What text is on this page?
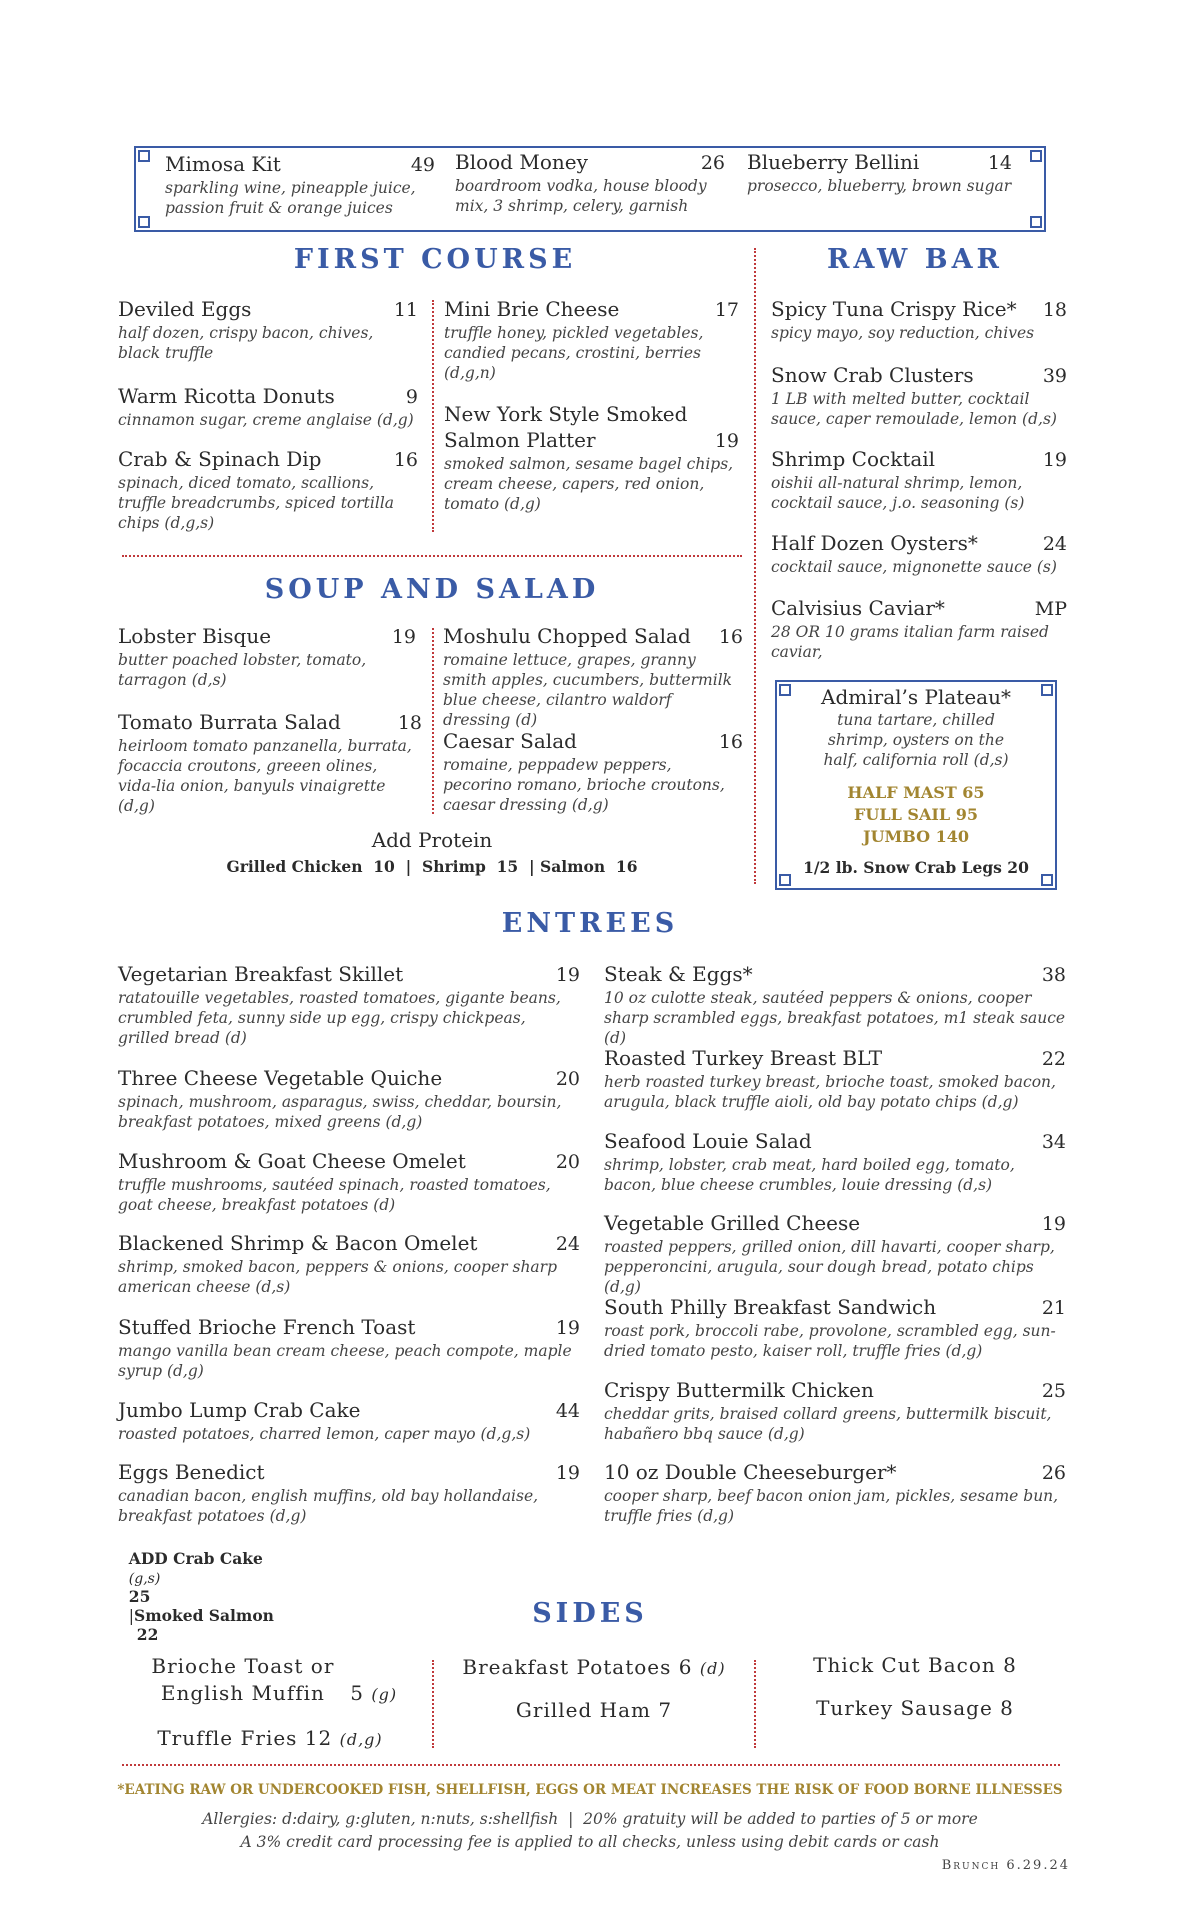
Mimosa Kit	49
sparkling wine, pineapple juice, passion fruit & orange juices
Blood Money	26
boardroom vodka, house bloody mix, 3 shrimp, celery, garnish
Blueberry Bellini	14
prosecco, blueberry, brown sugar
FIRST COURSE
Deviled Eggs	11
half dozen, crispy bacon, chives, black truffle
Warm Ricotta Donuts	9
cinnamon sugar, creme anglaise (d,g)
Crab & Spinach Dip	16
spinach, diced tomato, scallions, truffle breadcrumbs, spiced tortilla chips (d,g,s)
Mini Brie Cheese	17
truffle honey, pickled vegetables, candied pecans, crostini, berries (d,g,n)
New York Style Smoked Salmon Platter	19
smoked salmon, sesame bagel chips, cream cheese, capers, red onion, tomato (d,g)
RAW BAR
Spicy Tuna Crispy Rice* 18
spicy mayo, soy reduction, chives
Snow Crab Clusters	39
1 LB with melted butter, cocktail sauce, caper remoulade, lemon (d,s)
Shrimp Cocktail	19
oishii all-natural shrimp, lemon, cocktail sauce, j.o. seasoning (s)
Half Dozen Oysters*	24
cocktail sauce, mignonette sauce (s)
Calvisius Caviar*	MP
28 OR 10 grams italian farm raised caviar,
Admiral’s Plateau*
tuna tartare, chilled shrimp, oysters on the half, california roll (d,s)
HALF MAST 65
FULL SAIL 95
JUMBO 140
1/2 lb. Snow Crab Legs 20
SOUP AND SALAD
Lobster Bisque	19
butter poached lobster, tomato, tarragon (d,s)
Tomato Burrata Salad	18
heirloom tomato panzanella, burrata, focaccia croutons, greeen olines, vida-lia onion, banyuls vinaigrette (d,g)
Moshulu Chopped Salad 16
romaine lettuce, grapes, granny smith apples, cucumbers, buttermilk blue cheese, cilantro waldorf dressing (d)
Caesar Salad	16
romaine, peppadew peppers, pecorino romano, brioche croutons, caesar dressing (d,g)
Add Protein
Grilled Chicken  10  |  Shrimp  15  | Salmon  16
ENTREES
Vegetarian Breakfast Skillet	19
ratatouille vegetables, roasted tomatoes, gigante beans, crumbled feta, sunny side up egg, crispy chickpeas, grilled bread (d)
Three Cheese Vegetable Quiche	20
spinach, mushroom, asparagus, swiss, cheddar, boursin, breakfast potatoes, mixed greens (d,g)
Mushroom & Goat Cheese Omelet	20
truffle mushrooms, sautéed spinach, roasted tomatoes, goat cheese, breakfast potatoes (d)
Blackened Shrimp & Bacon Omelet	24
shrimp, smoked bacon, peppers & onions, cooper sharp american cheese (d,s)
Stuffed Brioche French Toast	19
mango vanilla bean cream cheese, peach compote, maple syrup (d,g)
Jumbo Lump Crab Cake	44
roasted potatoes, charred lemon, caper mayo (d,g,s)
Eggs Benedict	19
canadian bacon, english muffins, old bay hollandaise, breakfast potatoes (d,g)

ADD Crab Cake
(g,s)
25
|Smoked Salmon
22

Steak & Eggs*	38
10 oz culotte steak, sautéed peppers & onions, cooper sharp scrambled eggs, breakfast potatoes, m1 steak sauce (d)
Roasted Turkey Breast BLT	22
herb roasted turkey breast, brioche toast, smoked bacon, arugula, black truffle aioli, old bay potato chips (d,g)
Seafood Louie Salad	34
shrimp, lobster, crab meat, hard boiled egg, tomato, bacon, blue cheese crumbles, louie dressing (d,s)
Vegetable Grilled Cheese	19
roasted peppers, grilled onion, dill havarti, cooper sharp, pepperoncini, arugula, sour dough bread, potato chips (d,g)
South Philly Breakfast Sandwich	21
roast pork, broccoli rabe, provolone, scrambled egg, sun-dried tomato pesto, kaiser roll, truffle fries (d,g)
Crispy Buttermilk Chicken	25
cheddar grits, braised collard greens, buttermilk biscuit, habañero bbq sauce (d,g)
10 oz Double Cheeseburger*	26
cooper sharp, beef bacon onion jam, pickles, sesame bun, truffle fries (d,g)
SIDES
Brioche Toast or English Muffin 5 (g)
Truffle Fries 12 (d,g)
Breakfast Potatoes 6 (d)
Grilled Ham 7
Thick Cut Bacon 8
Turkey Sausage 8
*EATING RAW OR UNDERCOOKED FISH, SHELLFISH, EGGS OR MEAT INCREASES THE RISK OF FOOD BORNE ILLNESSES
Allergies: d:dairy, g:gluten, n:nuts, s:shellfish  |  20% gratuity will be added to parties of 5 or more
A 3% credit card processing fee is applied to all checks, unless using debit cards or cash
Brunch 6.29.24
